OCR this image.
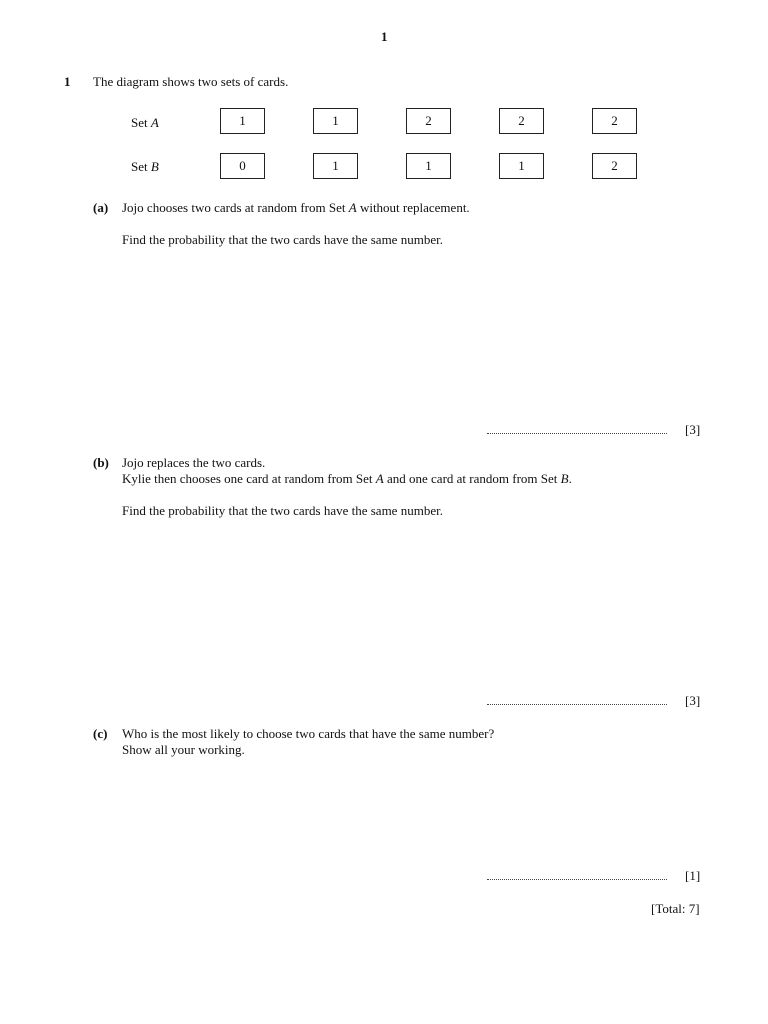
1
1 The diagram shows two sets of cards.
Set A	1	1	2	2	2
Set B	0	1	1	1	2
(a) Jojo chooses two cards at random from Set A without replacement.
Find the probability that the two cards have the same number.
[3]
(b) Jojo replaces the two cards.
Kylie then chooses one card at random from Set A and one card at random from Set B.
Find the probability that the two cards have the same number.
[3]
(c) Who is the most likely to choose two cards that have the same number?
Show all your working.
[1]
[Total: 7]
